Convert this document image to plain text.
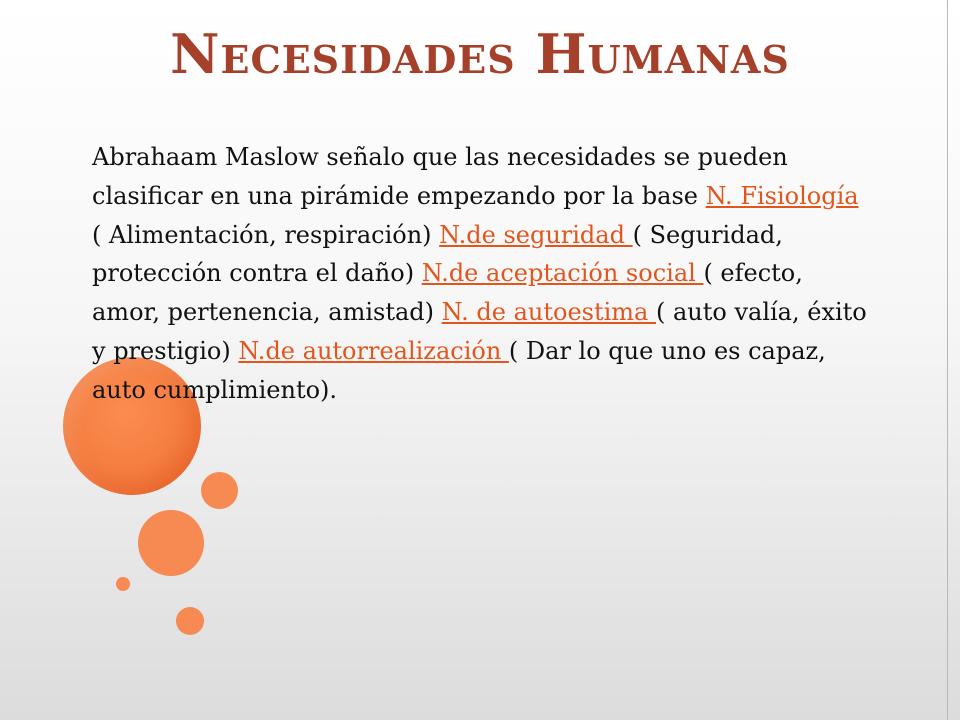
Necesidades Humanas

Abrahaam Maslow señalo que las necesidades se pueden clasificar en una pirámide empezando por la base N. Fisiología ( Alimentación, respiración) N.de seguridad ( Seguridad, protección contra el daño) N.de aceptación social ( efecto, amor, pertenencia, amistad) N. de autoestima ( auto valía, éxito y prestigio) N.de autorrealización ( Dar lo que uno es capaz, auto cumplimiento).
